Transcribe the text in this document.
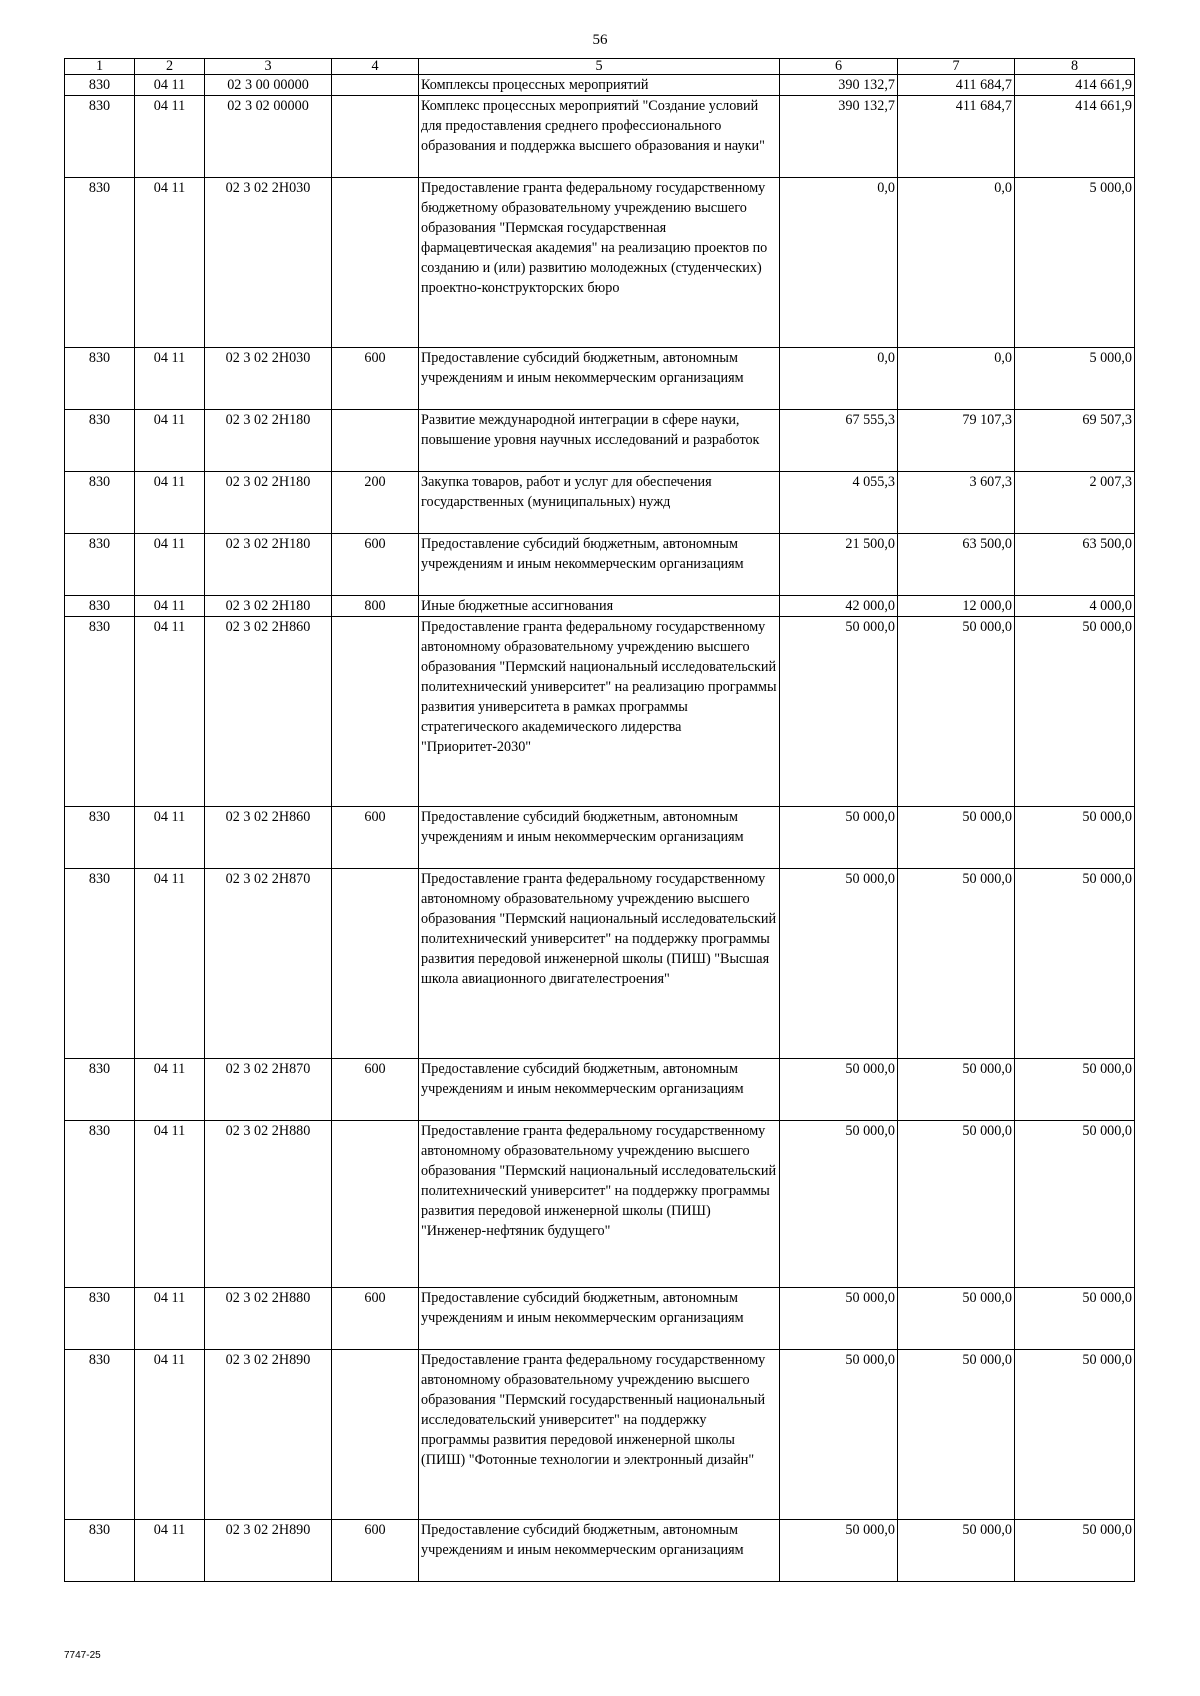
56
1	2	3	4	5	6	7	8
830	04 11	02 3 00 00000		Комплексы процессных мероприятий	390 132,7	411 684,7	414 661,9
830	04 11	02 3 02 00000		Комплекс процессных мероприятий "Создание условий для предоставления среднего профессионального образования и поддержка высшего образования и науки"	390 132,7	411 684,7	414 661,9
830	04 11	02 3 02 2H030		Предоставление гранта федеральному государственному бюджетному образовательному учреждению высшего образования "Пермская государственная фармацевтическая академия" на реализацию проектов по созданию и (или) развитию молодежных (студенческих) проектно-конструкторских бюро	0,0	0,0	5 000,0
830	04 11	02 3 02 2H030	600	Предоставление субсидий бюджетным, автономным учреждениям и иным некоммерческим организациям	0,0	0,0	5 000,0
830	04 11	02 3 02 2H180		Развитие международной интеграции в сфере науки, повышение уровня научных исследований и разработок	67 555,3	79 107,3	69 507,3
830	04 11	02 3 02 2H180	200	Закупка товаров, работ и услуг для обеспечения государственных (муниципальных) нужд	4 055,3	3 607,3	2 007,3
830	04 11	02 3 02 2H180	600	Предоставление субсидий бюджетным, автономным учреждениям и иным некоммерческим организациям	21 500,0	63 500,0	63 500,0
830	04 11	02 3 02 2H180	800	Иные бюджетные ассигнования	42 000,0	12 000,0	4 000,0
830	04 11	02 3 02 2H860		Предоставление гранта федеральному государственному автономному образовательному учреждению высшего образования "Пермский национальный исследовательский политехнический университет" на реализацию программы развития университета в рамках программы стратегического академического лидерства "Приоритет-2030"	50 000,0	50 000,0	50 000,0
830	04 11	02 3 02 2H860	600	Предоставление субсидий бюджетным, автономным учреждениям и иным некоммерческим организациям	50 000,0	50 000,0	50 000,0
830	04 11	02 3 02 2H870		Предоставление гранта федеральному государственному автономному образовательному учреждению высшего образования "Пермский национальный исследовательский политехнический университет" на поддержку программы развития передовой инженерной школы (ПИШ) "Высшая школа авиационного двигателестроения"	50 000,0	50 000,0	50 000,0
830	04 11	02 3 02 2H870	600	Предоставление субсидий бюджетным, автономным учреждениям и иным некоммерческим организациям	50 000,0	50 000,0	50 000,0
830	04 11	02 3 02 2H880		Предоставление гранта федеральному государственному автономному образовательному учреждению высшего образования "Пермский национальный исследовательский политехнический университет" на поддержку программы развития передовой инженерной школы (ПИШ) "Инженер-нефтяник будущего"	50 000,0	50 000,0	50 000,0
830	04 11	02 3 02 2H880	600	Предоставление субсидий бюджетным, автономным учреждениям и иным некоммерческим организациям	50 000,0	50 000,0	50 000,0
830	04 11	02 3 02 2H890		Предоставление гранта федеральному государственному автономному образовательному учреждению высшего образования "Пермский государственный национальный исследовательский университет" на поддержку программы развития передовой инженерной школы (ПИШ) "Фотонные технологии и электронный дизайн"	50 000,0	50 000,0	50 000,0
830	04 11	02 3 02 2H890	600	Предоставление субсидий бюджетным, автономным учреждениям и иным некоммерческим организациям	50 000,0	50 000,0	50 000,0
7747-25
